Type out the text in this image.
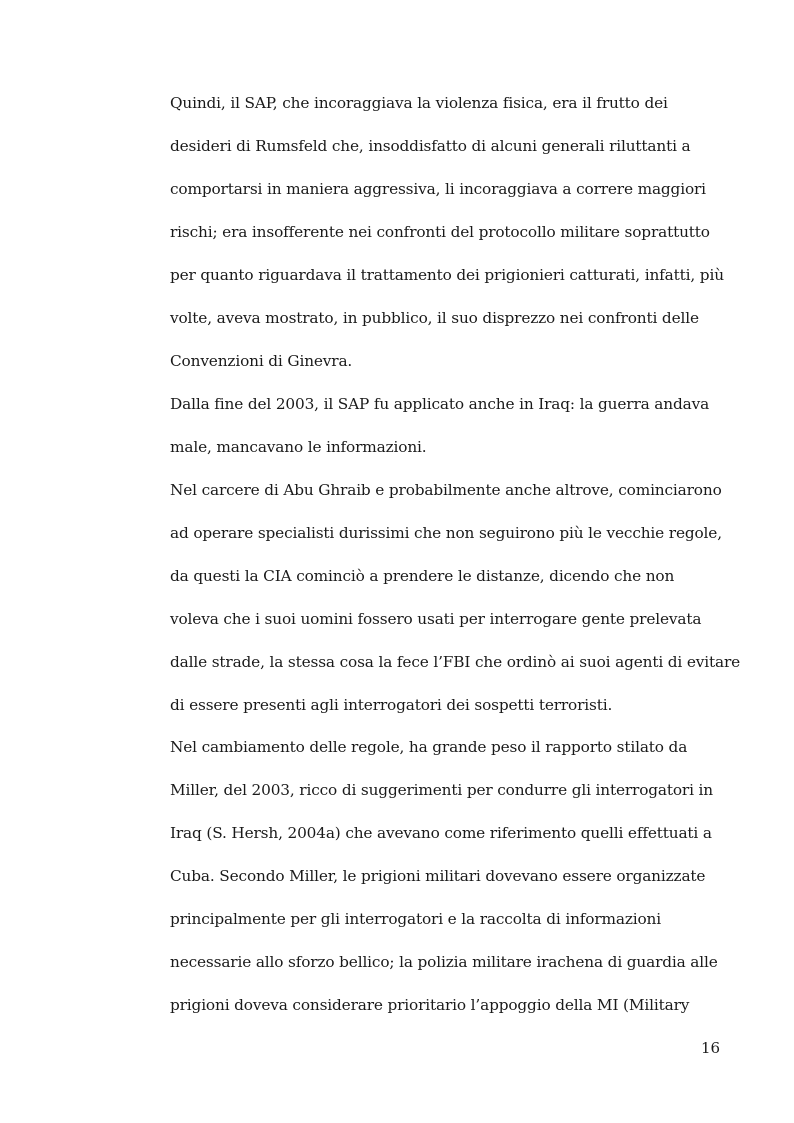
Quindi, il SAP, che incoraggiava la violenza fisica, era il frutto dei
desideri di Rumsfeld che, insoddisfatto di alcuni generali riluttanti a
comportarsi in maniera aggressiva, li incoraggiava a correre maggiori
rischi; era insofferente nei confronti del protocollo militare soprattutto
per quanto riguardava il trattamento dei prigionieri catturati, infatti, più
volte, aveva mostrato, in pubblico, il suo disprezzo nei confronti delle
Convenzioni di Ginevra.
Dalla fine del 2003, il SAP fu applicato anche in Iraq: la guerra andava
male, mancavano le informazioni.
Nel carcere di Abu Ghraib e probabilmente anche altrove, cominciarono
ad operare specialisti durissimi che non seguirono più le vecchie regole,
da questi la CIA cominciò a prendere le distanze, dicendo che non
voleva che i suoi uomini fossero usati per interrogare gente prelevata
dalle strade, la stessa cosa la fece l’FBI che ordinò ai suoi agenti di evitare
di essere presenti agli interrogatori dei sospetti terroristi.
Nel cambiamento delle regole, ha grande peso il rapporto stilato da
Miller, del 2003, ricco di suggerimenti per condurre gli interrogatori in
Iraq (S. Hersh, 2004a) che avevano come riferimento quelli effettuati a
Cuba. Secondo Miller, le prigioni militari dovevano essere organizzate
principalmente per gli interrogatori e la raccolta di informazioni
necessarie allo sforzo bellico; la polizia militare irachena di guardia alle
prigioni doveva considerare prioritario l’appoggio della MI (Military
16
